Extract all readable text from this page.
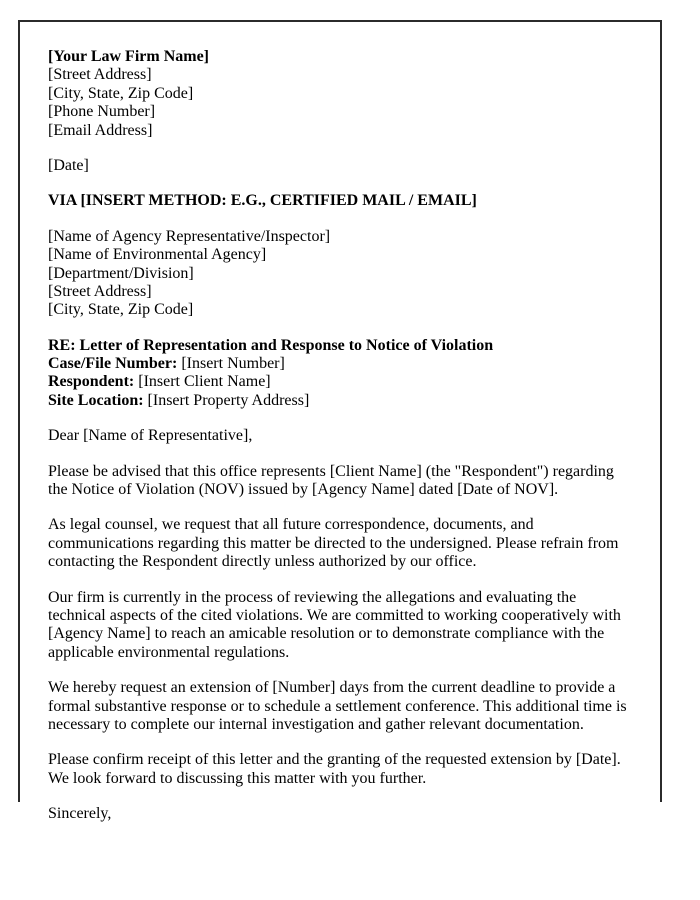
[Your Law Firm Name]
[Street Address]
[City, State, Zip Code]
[Phone Number]
[Email Address]
[Date]
VIA [INSERT METHOD: E.G., CERTIFIED MAIL / EMAIL]
[Name of Agency Representative/Inspector]
[Name of Environmental Agency]
[Department/Division]
[Street Address]
[City, State, Zip Code]
RE: Letter of Representation and Response to Notice of Violation
Case/File Number: [Insert Number]
Respondent: [Insert Client Name]
Site Location: [Insert Property Address]
Dear [Name of Representative],

Please be advised that this office represents [Client Name] (the "Respondent") regarding the Notice of Violation (NOV) issued by [Agency Name] dated [Date of NOV].

As legal counsel, we request that all future correspondence, documents, and communications regarding this matter be directed to the undersigned. Please refrain from contacting the Respondent directly unless authorized by our office.

Our firm is currently in the process of reviewing the allegations and evaluating the technical aspects of the cited violations. We are committed to working cooperatively with [Agency Name] to reach an amicable resolution or to demonstrate compliance with the applicable environmental regulations.

We hereby request an extension of [Number] days from the current deadline to provide a formal substantive response or to schedule a settlement conference. This additional time is necessary to complete our internal investigation and gather relevant documentation.

Please confirm receipt of this letter and the granting of the requested extension by [Date]. We look forward to discussing this matter with you further.

Sincerely,
